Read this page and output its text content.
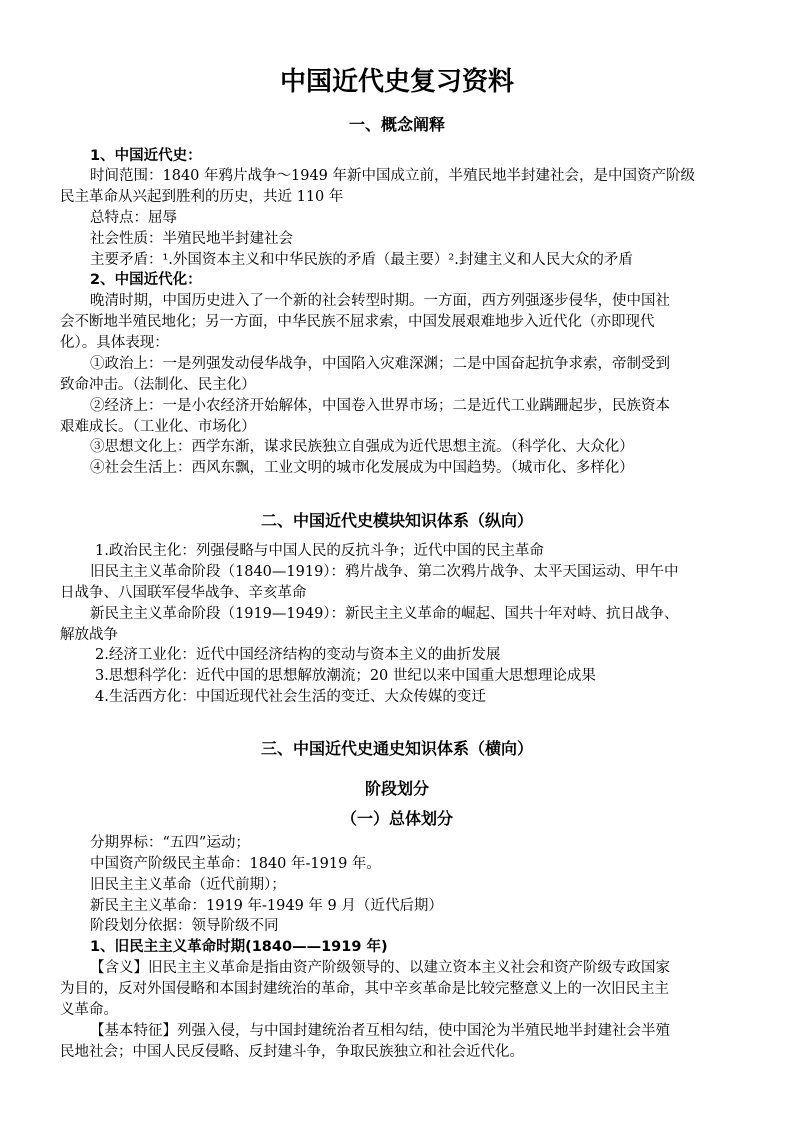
中国近代史复习资料
一、概念阐释
1、中国近代史：
时间范围：1840 年鸦片战争～1949 年新中国成立前，半殖民地半封建社会，是中国资产阶级
民主革命从兴起到胜利的历史，共近 110 年
总特点：屈辱
社会性质：半殖民地半封建社会
主要矛盾：¹.外国资本主义和中华民族的矛盾（最主要）².封建主义和人民大众的矛盾
2、中国近代化：
晚清时期，中国历史进入了一个新的社会转型时期。一方面，西方列强逐步侵华，使中国社
会不断地半殖民地化；另一方面，中华民族不屈求索，中国发展艰难地步入近代化（亦即现代
化）。具体表现：
①政治上：一是列强发动侵华战争，中国陷入灾难深渊；二是中国奋起抗争求索，帝制受到
致命冲击。（法制化、民主化）
②经济上：一是小农经济开始解体，中国卷入世界市场；二是近代工业蹒跚起步，民族资本
艰难成长。（工业化、市场化）
③思想文化上：西学东渐，谋求民族独立自强成为近代思想主流。（科学化、大众化）
④社会生活上：西风东飘，工业文明的城市化发展成为中国趋势。（城市化、多样化）
二、中国近代史模块知识体系（纵向）
1.政治民主化：列强侵略与中国人民的反抗斗争；近代中国的民主革命
旧民主主义革命阶段（1840—1919）：鸦片战争、第二次鸦片战争、太平天国运动、甲午中
日战争、八国联军侵华战争、辛亥革命
新民主主义革命阶段（1919—1949）：新民主主义革命的崛起、国共十年对峙、抗日战争、
解放战争
2.经济工业化：近代中国经济结构的变动与资本主义的曲折发展
3.思想科学化：近代中国的思想解放潮流；20 世纪以来中国重大思想理论成果
4.生活西方化：中国近现代社会生活的变迁、大众传媒的变迁
三、中国近代史通史知识体系（横向）
阶段划分
（一）总体划分
分期界标：“五四”运动；
中国资产阶级民主革命：1840 年-1919 年。
旧民主主义革命（近代前期）；
新民主主义革命：1919 年-1949 年 9 月（近代后期）
阶段划分依据：领导阶级不同
1、旧民主主义革命时期(1840——1919 年)
【含义】旧民主主义革命是指由资产阶级领导的、以建立资本主义社会和资产阶级专政国家
为目的，反对外国侵略和本国封建统治的革命，其中辛亥革命是比较完整意义上的一次旧民主主
义革命。
【基本特征】列强入侵，与中国封建统治者互相勾结，使中国沦为半殖民地半封建社会半殖
民地社会；中国人民反侵略、反封建斗争，争取民族独立和社会近代化。
